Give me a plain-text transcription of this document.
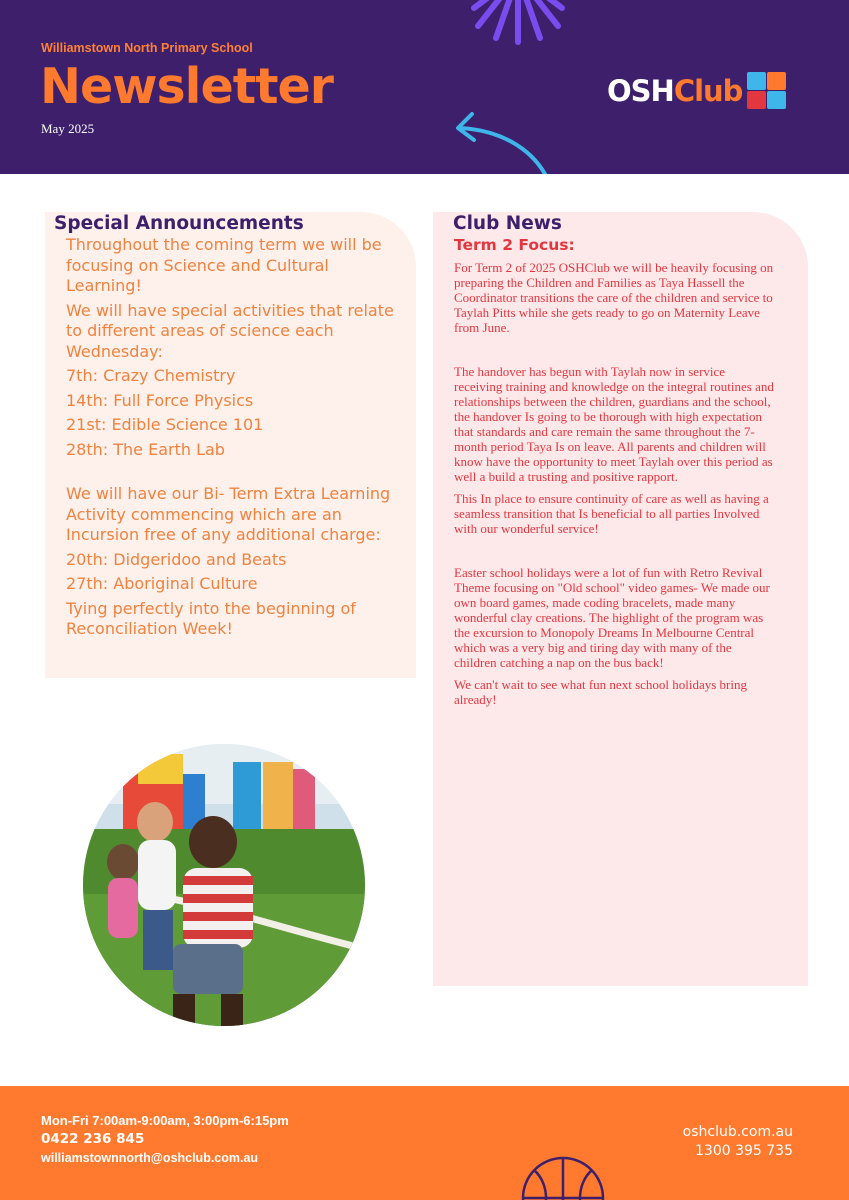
Williamstown North Primary School
Newsletter
May 2025
OSH Club
Special Announcements

Throughout the coming term we will be focusing on Science and Cultural Learning!

We will have special activities that relate to different areas of science each Wednesday:

7th: Crazy Chemistry

14th: Full Force Physics

21st: Edible Science 101

28th: The Earth Lab

We will have our Bi- Term Extra Learning Activity commencing which are an Incursion free of any additional charge:

20th: Didgeridoo and Beats

27th: Aboriginal Culture

Tying perfectly into the beginning of Reconciliation Week!

Club News
Term 2 Focus:

For Term 2 of 2025 OSHClub we will be heavily focusing on preparing the Children and Families as Taya Hassell the Coordinator transitions the care of the children and service to Taylah Pitts while she gets ready to go on Maternity Leave from June.

The handover has begun with Taylah now in service receiving training and knowledge on the integral routines and relationships between the children, guardians and the school, the handover Is going to be thorough with high expectation that standards and care remain the same throughout the 7-month period Taya Is on leave. All parents and children will know have the opportunity to meet Taylah over this period as well a build a trusting and positive rapport.

This In place to ensure continuity of care as well as having a seamless transition that Is beneficial to all parties Involved with our wonderful service!

Easter school holidays were a lot of fun with Retro Revival Theme focusing on "Old school" video games- We made our own board games, made coding bracelets, made many wonderful clay creations. The highlight of the program was the excursion to Monopoly Dreams In Melbourne Central which was a very big and tiring day with many of the children catching a nap on the bus back!

We can't wait to see what fun next school holidays bring already!

Mon-Fri 7:00am-9:00am, 3:00pm-6:15pm
0422 236 845
williamstownnorth@oshclub.com.au
oshclub.com.au
1300 395 735
